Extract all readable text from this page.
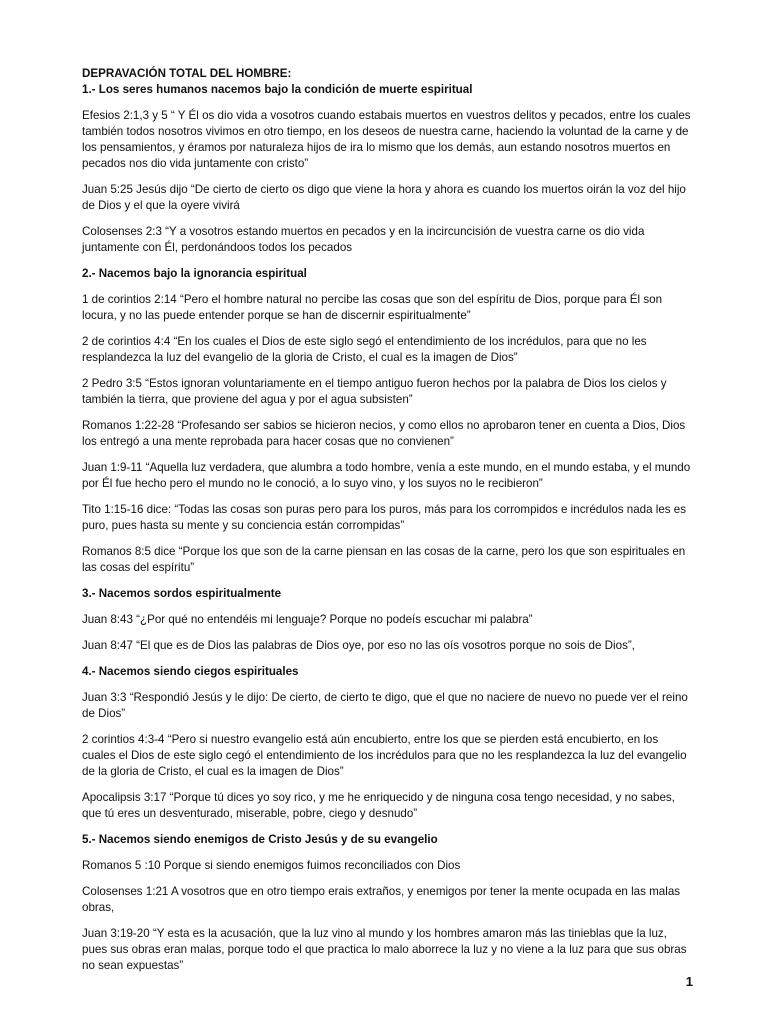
DEPRAVACIÓN TOTAL DEL HOMBRE:

1.- Los seres humanos nacemos bajo la condición de muerte espiritual

Efesios 2:1,3 y 5 “ Y Él os dio vida a vosotros cuando estabais muertos en vuestros delitos y pecados, entre los cuales también todos nosotros vivimos en otro tiempo, en los deseos de nuestra carne, haciendo la voluntad de la carne y de los pensamientos, y éramos por naturaleza hijos de ira lo mismo que los demás, aun estando nosotros muertos en pecados nos dio vida juntamente con cristo”

Juan 5:25 Jesús dijo “De cierto de cierto os digo que viene la hora y ahora es cuando los muertos oirán la voz del hijo de Dios y el que la oyere vivirá

Colosenses 2:3 “Y a vosotros estando muertos en pecados y en la incircuncisión de vuestra carne os dio vida juntamente con Él, perdonándoos todos los pecados

2.- Nacemos bajo la ignorancia espiritual

1 de corintios 2:14 “Pero el hombre natural no percibe las cosas que son del espíritu de Dios, porque para Él son locura, y no las puede entender porque se han de discernir espiritualmente”

2 de corintios 4:4 “En los cuales el Dios de este siglo segó el entendimiento de los incrédulos, para que no les resplandezca la luz del evangelio de la gloria de Cristo, el cual es la imagen de Dios”

2 Pedro 3:5 “Estos ignoran voluntariamente en el tiempo antiguo fueron hechos por la palabra de Dios los cielos y también la tierra, que proviene del agua y por el agua subsisten”

Romanos 1:22-28 “Profesando ser sabios se hicieron necios, y como ellos no aprobaron tener en cuenta a Dios, Dios los entregó a una mente reprobada para hacer cosas que no convienen”

Juan 1:9-11 “Aquella luz verdadera, que alumbra a todo hombre, venía a este mundo, en el mundo estaba, y el mundo por Él fue hecho pero el mundo no le conoció, a lo suyo vino, y los suyos no le recibieron”

Tito 1:15-16 dice: “Todas las cosas son puras pero para los puros, más para los corrompidos e incrédulos nada les es puro, pues hasta su mente y su conciencia están corrompidas”

Romanos 8:5 dice “Porque los que son de la carne piensan en las cosas de la carne, pero los que son espirituales en las cosas del espíritu”

3.- Nacemos sordos espiritualmente

Juan 8:43 “¿Por qué no entendéis mi lenguaje? Porque no podeís escuchar mi palabra”

Juan 8:47 “El que es de Dios las palabras de Dios oye, por eso no las oís vosotros porque no sois de Dios”,

4.- Nacemos siendo ciegos espirituales

Juan 3:3 “Respondió Jesús y le dijo: De cierto, de cierto te digo, que el que no naciere de nuevo no puede ver el reino de Dios”

2 corintios 4:3-4 “Pero si nuestro evangelio está aún encubierto, entre los que se pierden está encubierto, en los cuales el Dios de este siglo cegó el entendimiento de los incrédulos para que no les resplandezca la luz del evangelio de la gloria de Cristo, el cual es la imagen de Dios”

Apocalipsis 3:17 “Porque tú dices yo soy rico, y me he enriquecido y de ninguna cosa tengo necesidad, y no sabes, que tú eres un desventurado, miserable, pobre, ciego y desnudo”

5.- Nacemos siendo enemigos de Cristo Jesús y de su evangelio

Romanos 5 :10 Porque si siendo enemigos fuimos reconciliados con Dios

Colosenses 1:21 A vosotros que en otro tiempo erais extraños, y enemigos por tener la mente ocupada en las malas obras,

Juan 3:19-20 “Y esta es la acusación, que la luz vino al mundo y los hombres amaron más las tinieblas que la luz, pues sus obras eran malas, porque todo el que practica lo malo aborrece la luz y no viene a la luz para que sus obras no sean expuestas”

1
